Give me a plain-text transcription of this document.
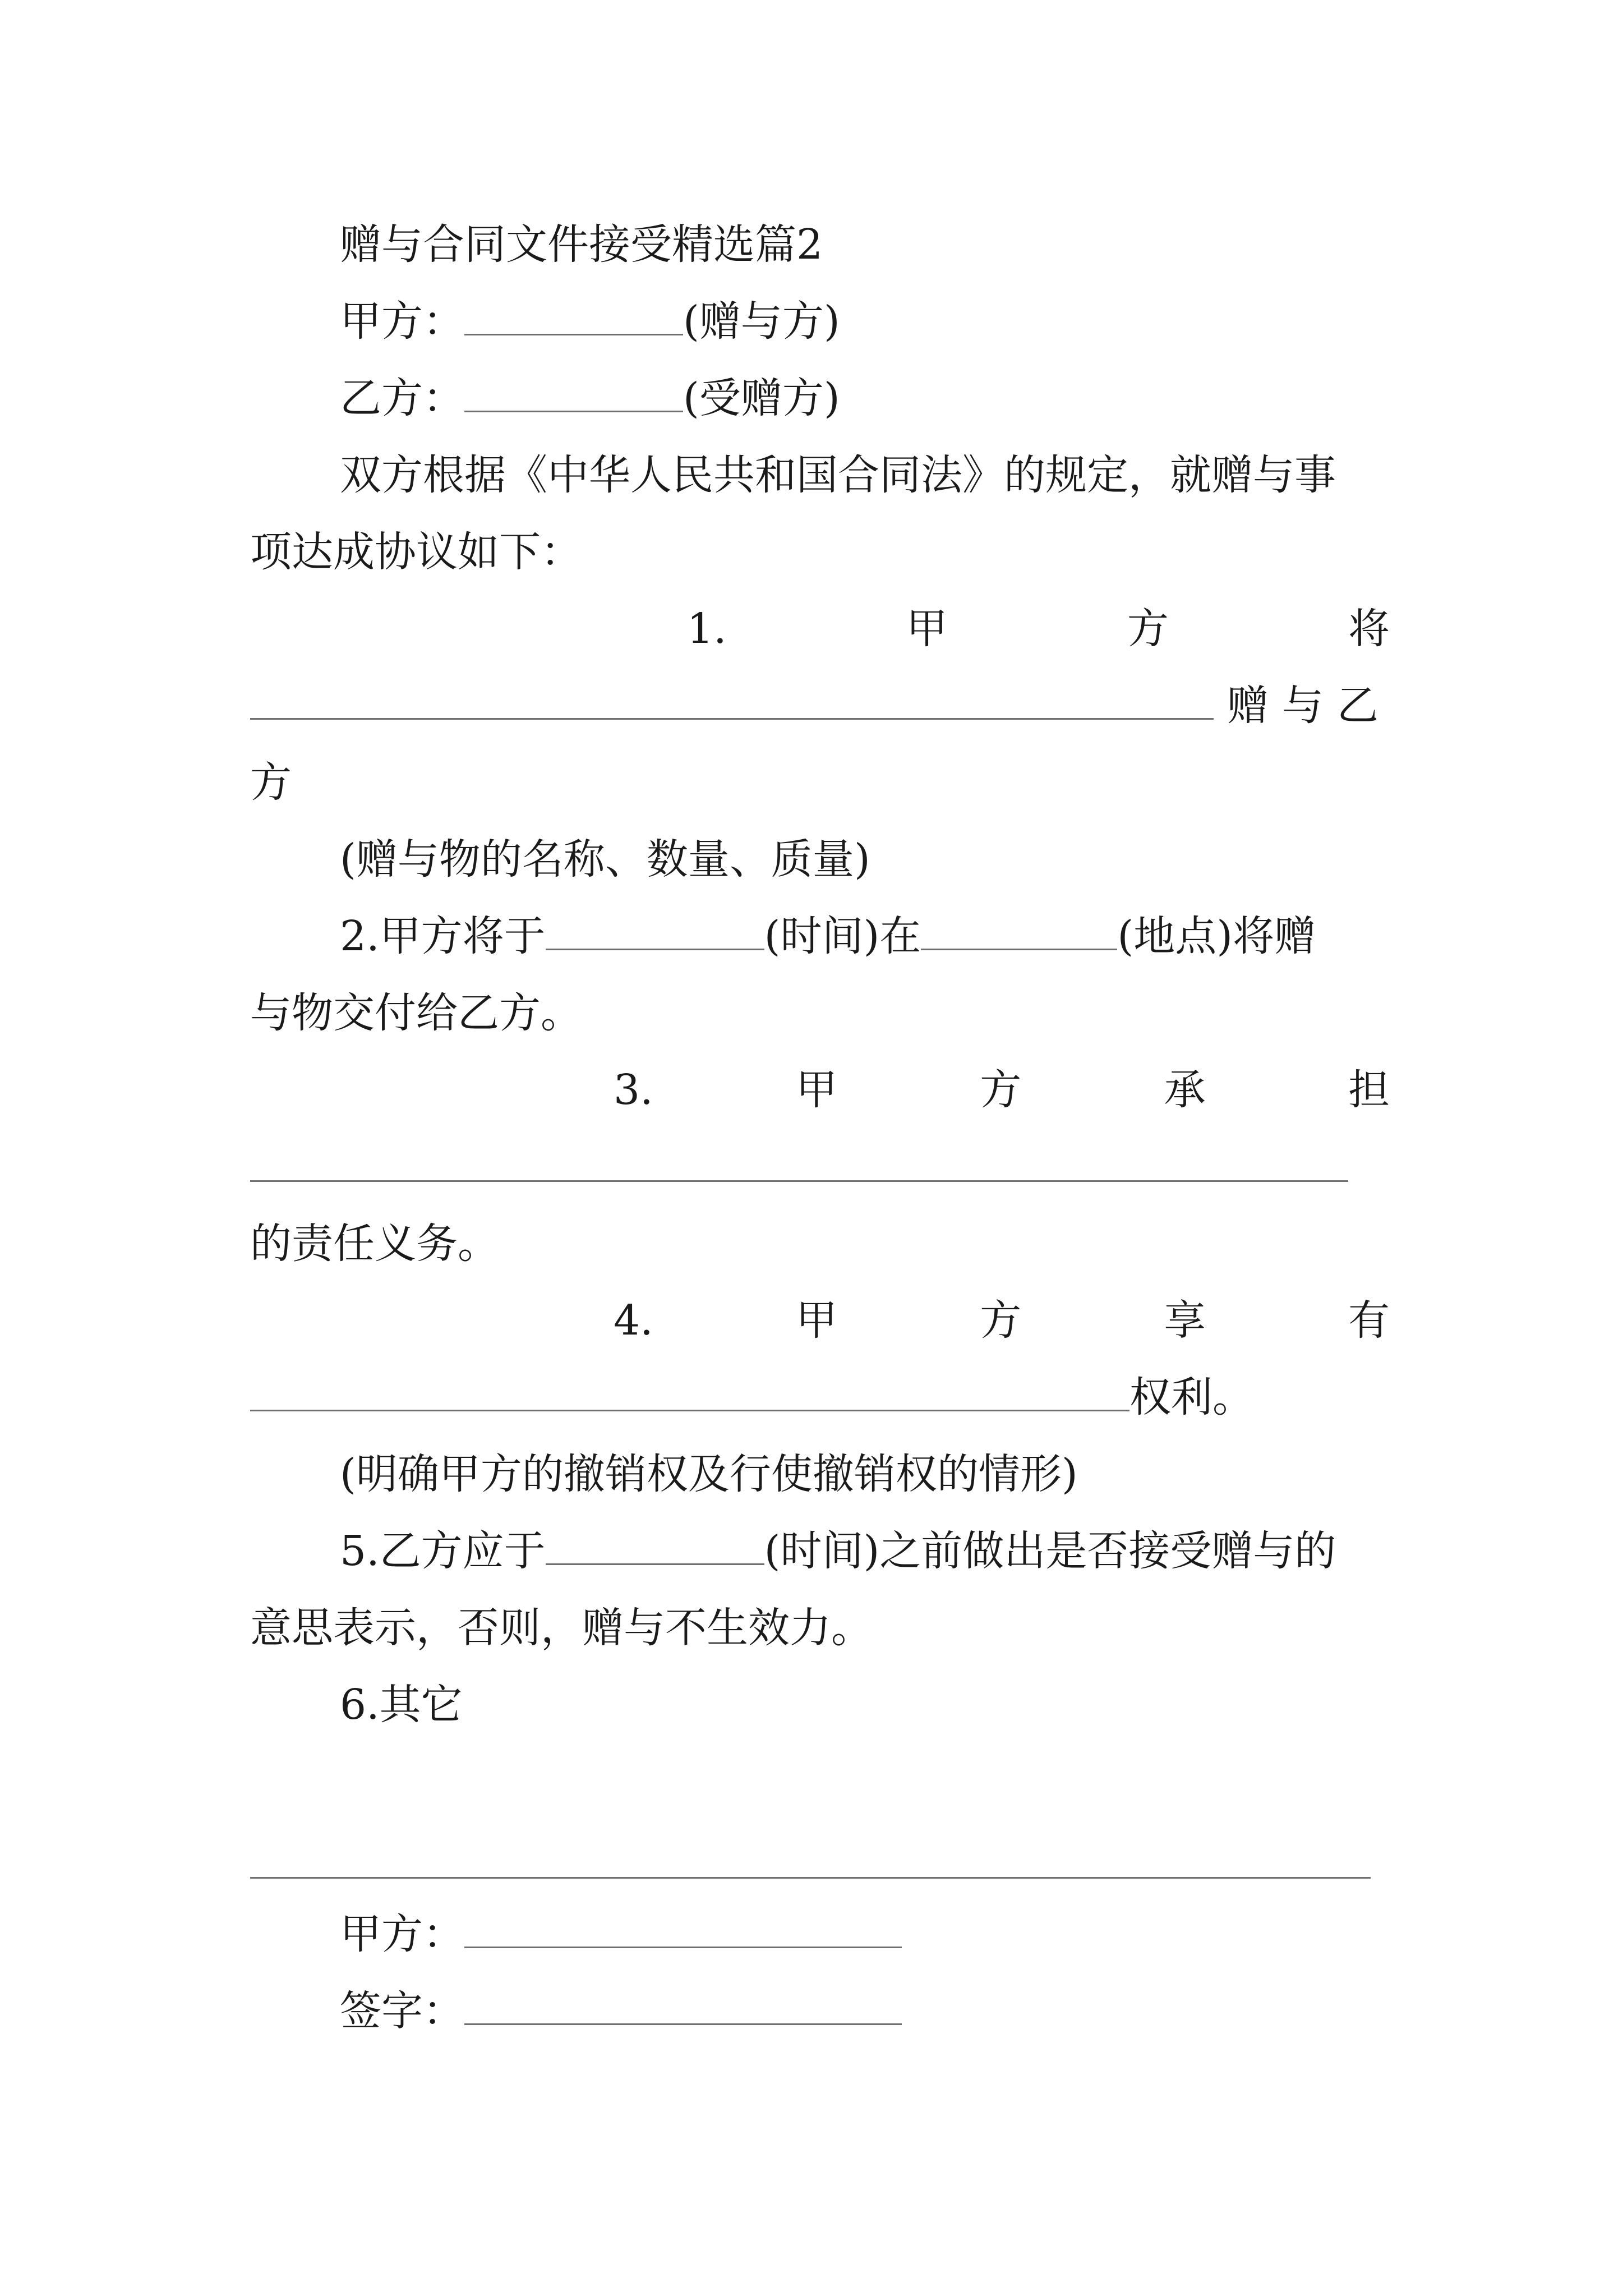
赠与合同文件接受精选篇2
甲方：	(赠与方)
乙方：	(受赠方)
双方根据《中华人民共和国合同法》的规定，就赠与事
项达成协议如下：
1.	甲	方	将
赠与乙
方
(赠与物的名称、数量、质量)
2.甲方将于	(时间)在	(地点)将赠
与物交付给乙方。
3.	甲	方	承	担
的责任义务。
4.	甲	方	享	有
权利。
(明确甲方的撤销权及行使撤销权的情形)
5.乙方应于	(时间)之前做出是否接受赠与的
意思表示，否则，赠与不生效力。
6.其它
甲方：
签字：
